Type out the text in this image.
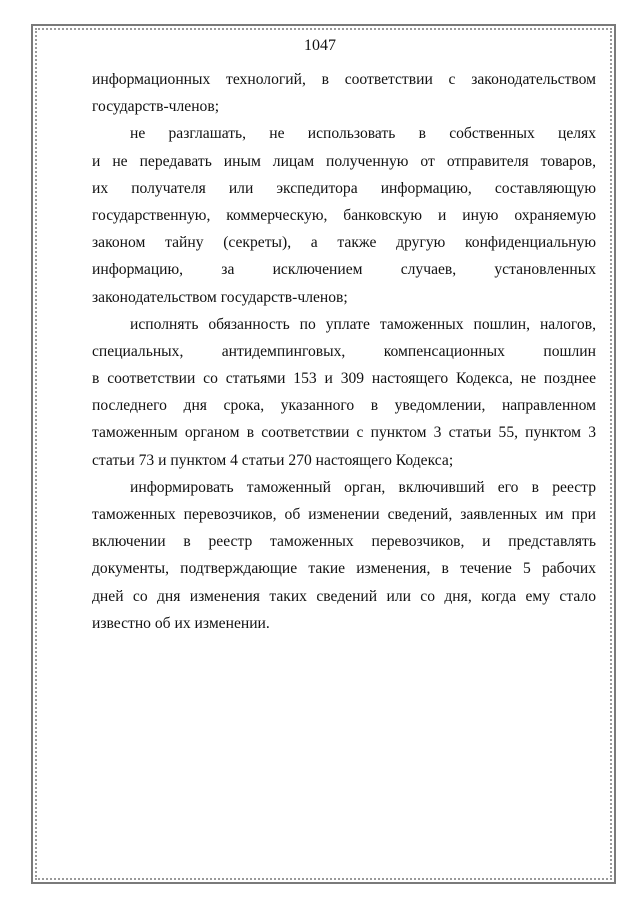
1047
информационных технологий, в соответствии с законодательством
государств-членов;
не разглашать, не использовать в собственных целях
и не передавать иным лицам полученную от отправителя товаров,
их получателя или экспедитора информацию, составляющую
государственную, коммерческую, банковскую и иную охраняемую
законом тайну (секреты), а также другую конфиденциальную
информацию, за исключением случаев, установленных
законодательством государств-членов;
исполнять обязанность по уплате таможенных пошлин, налогов,
специальных, антидемпинговых, компенсационных пошлин
в соответствии со статьями 153 и 309 настоящего Кодекса, не позднее
последнего дня срока, указанного в уведомлении, направленном
таможенным органом в соответствии с пунктом 3 статьи 55, пунктом 3
статьи 73 и пунктом 4 статьи 270 настоящего Кодекса;
информировать таможенный орган, включивший его в реестр
таможенных перевозчиков, об изменении сведений, заявленных им при
включении в реестр таможенных перевозчиков, и представлять
документы, подтверждающие такие изменения, в течение 5 рабочих
дней со дня изменения таких сведений или со дня, когда ему стало
известно об их изменении.
